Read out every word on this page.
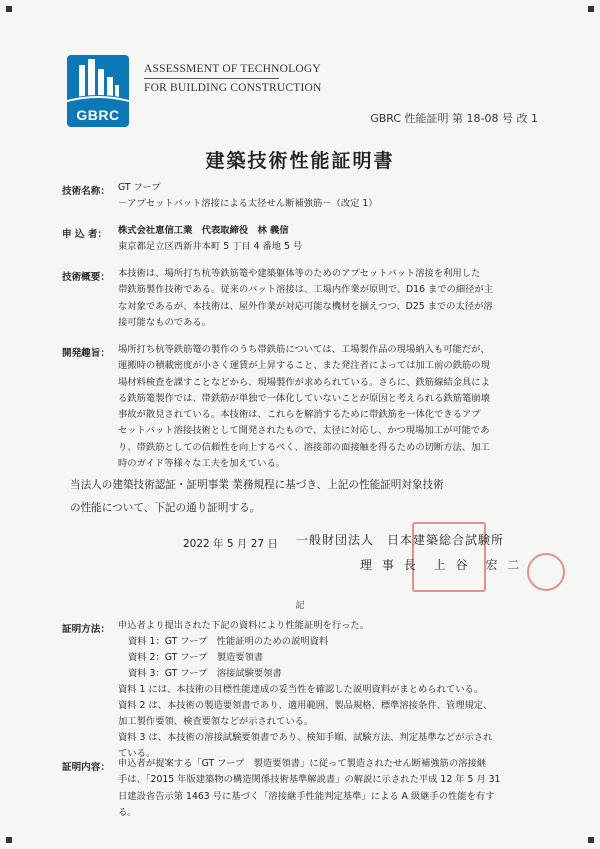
GBRC
ASSESSMENT OF TECHNOLOGY
FOR BUILDING CONSTRUCTION
GBRC 性能証明 第 18-08 号 改 1
建築技術性能証明書
技術名称： GT フープ
－アプセットバット溶接による太径せん断補強筋－（改定 1）
申 込 者： 株式会社恵信工業　代表取締役　林 義信
東京都足立区西新井本町 5 丁目 4 番地 5 号
技術概要： 本技術は、場所打ち杭等鉄筋篭や建築躯体等のためのアプセットバット溶接を利用した
帯鉄筋製作技術である。従来のバット溶接は、工場内作業が原則で、D16 までの細径が主
な対象であるが、本技術は、屋外作業が対応可能な機材を揃えつつ、D25 までの太径が溶
接可能なものである。
開発趣旨： 場所打ち杭等鉄筋篭の製作のうち帯鉄筋については、工場製作品の現場納入も可能だが、
運搬時の積載密度が小さく運賃が上昇すること、また発注者によっては加工前の鉄筋の現
場材料検査を課すことなどから、現場製作が求められている。さらに、鉄筋線結金具によ
る鉄筋篭製作では、帯鉄筋が単独で一体化していないことが原因と考えられる鉄筋篭崩壊
事故が散見されている。本技術は、これらを解消するために帯鉄筋を一体化できるアプ
セットバット溶接技術として開発されたもので、太径に対応し、かつ現場加工が可能であ
り、帯鉄筋としての信頼性を向上するべく、溶接部の面接触を得るための切断方法、加工
時のガイド等様々な工夫を加えている。
当法人の建築技術認証・証明事業 業務規程に基づき、上記の性能証明対象技術
の性能について、下記の通り証明する。
2022 年 5 月 27 日 一般財団法人　日本建築総合試験所
理 事 長　上 谷　宏 二
記
証明方法： 申込者より提出された下記の資料により性能証明を行った。
資料 1：GT フープ　性能証明のための説明資料
資料 2：GT フープ　製造要領書
資料 3：GT フープ　溶接試験要領書
資料 1 には、本技術の目標性能達成の妥当性を確認した説明資料がまとめられている。
資料 2 は、本技術の製造要領書であり、適用範囲、製品規格、標準溶接条件、管理規定、
加工製作要領、検査要領などが示されている。
資料 3 は、本技術の溶接試験要領書であり、検知手順、試験方法、判定基準などが示され
ている。
証明内容： 申込者が提案する「GT フープ　製造要領書」に従って製造されたせん断補強筋の溶接継
手は、「2015 年版建築物の構造関係技術基準解説書」の解説に示された平成 12 年 5 月 31
日建設省告示第 1463 号に基づく「溶接継手性能判定基準」による A 級継手の性能を有す
る。
